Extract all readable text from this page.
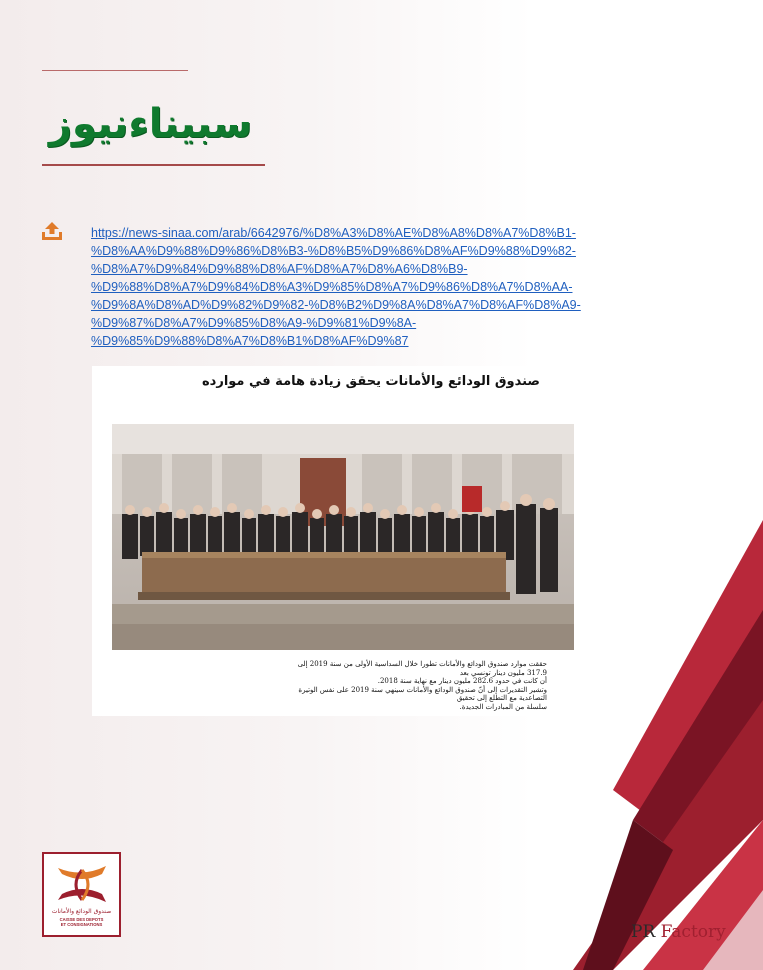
سبيناءنيوز
https://news-sinaa.com/arab/6642976/%D8%A3%D8%AE%D8%A8%D8%A7%D8%B1-
%D8%AA%D9%88%D9%86%D8%B3-%D8%B5%D9%86%D8%AF%D9%88%D9%82-
%D8%A7%D9%84%D9%88%D8%AF%D8%A7%D8%A6%D8%B9-
%D9%88%D8%A7%D9%84%D8%A3%D9%85%D8%A7%D9%86%D8%A7%D8%AA-
%D9%8A%D8%AD%D9%82%D9%82-%D8%B2%D9%8A%D8%A7%D8%AF%D8%A9-
%D9%87%D8%A7%D9%85%D8%A9-%D9%81%D9%8A-
%D9%85%D9%88%D8%A7%D8%B1%D8%AF%D9%87
صندوق الودائع والأمانات يحقق زيادة هامة في موارده
حققت موارد صندوق الودائع والأمانات تطورا خلال السداسية الأولى من سنة 2019 إلى 317.9 مليون دينار تونسي بعد
أن كانت في حدود 282.6 مليون دينار مع نهاية سنة 2018.
وتشير التقديرات إلى أنّ صندوق الودائع والأمانات سينهي سنة 2019 على نفس الوتيرة التصاعدية مع التطلع إلى تحقيق
سلسلة من المبادرات الجديدة.
صندوق الودائع والأمانات
CAISSE DES DEPOTS
ET CONSIGNATIONS	PR Factory
